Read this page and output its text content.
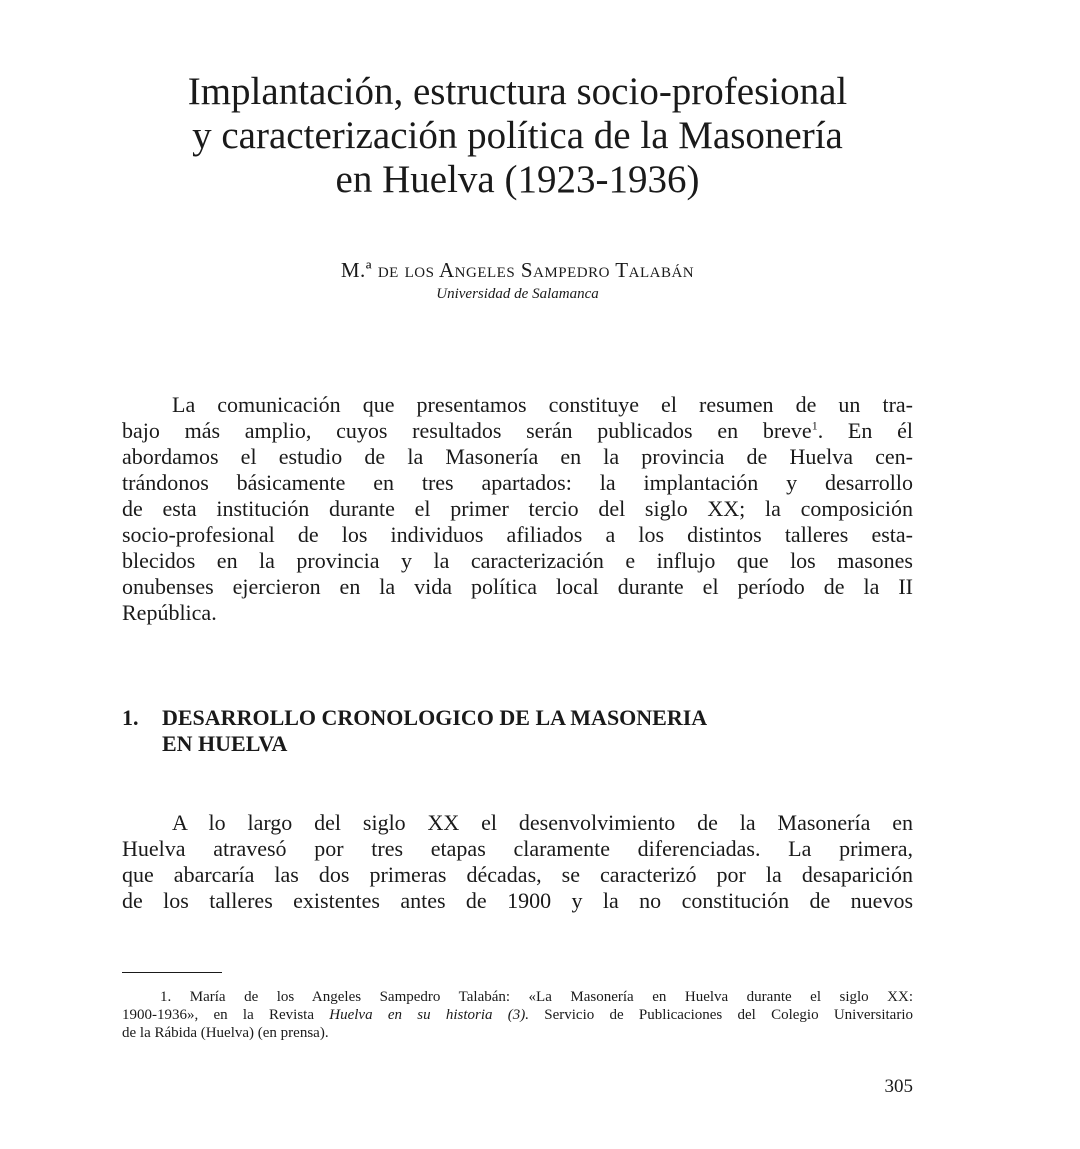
Implantación, estructura socio-profesional
y caracterización política de la Masonería
en Huelva (1923-1936)
M.ª de los Angeles Sampedro Talabán
Universidad de Salamanca

La comunicación que presentamos constituye el resumen de un tra-
bajo más amplio, cuyos resultados serán publicados en breve$^1$. En él
abordamos el estudio de la Masonería en la provincia de Huelva cen-
trándonos básicamente en tres apartados: la implantación y desarrollo
de esta institución durante el primer tercio del siglo XX; la composición
socio-profesional de los individuos afiliados a los distintos talleres esta-
blecidos en la provincia y la caracterización e influjo que los masones
onubenses ejercieron en la vida política local durante el período de la II
República.

1. DESARROLLO CRONOLOGICO DE LA MASONERIA
EN HUELVA

A lo largo del siglo XX el desenvolvimiento de la Masonería en
Huelva atravesó por tres etapas claramente diferenciadas. La primera,
que abarcaría las dos primeras décadas, se caracterizó por la desaparición
de los talleres existentes antes de 1900 y la no constitución de nuevos

1. María de los Angeles Sampedro Talabán: «La Masonería en Huelva durante el siglo XX:
1900-1936», en la Revista Huelva en su historia (3). Servicio de Publicaciones del Colegio Universitario
de la Rábida (Huelva) (en prensa).

305
